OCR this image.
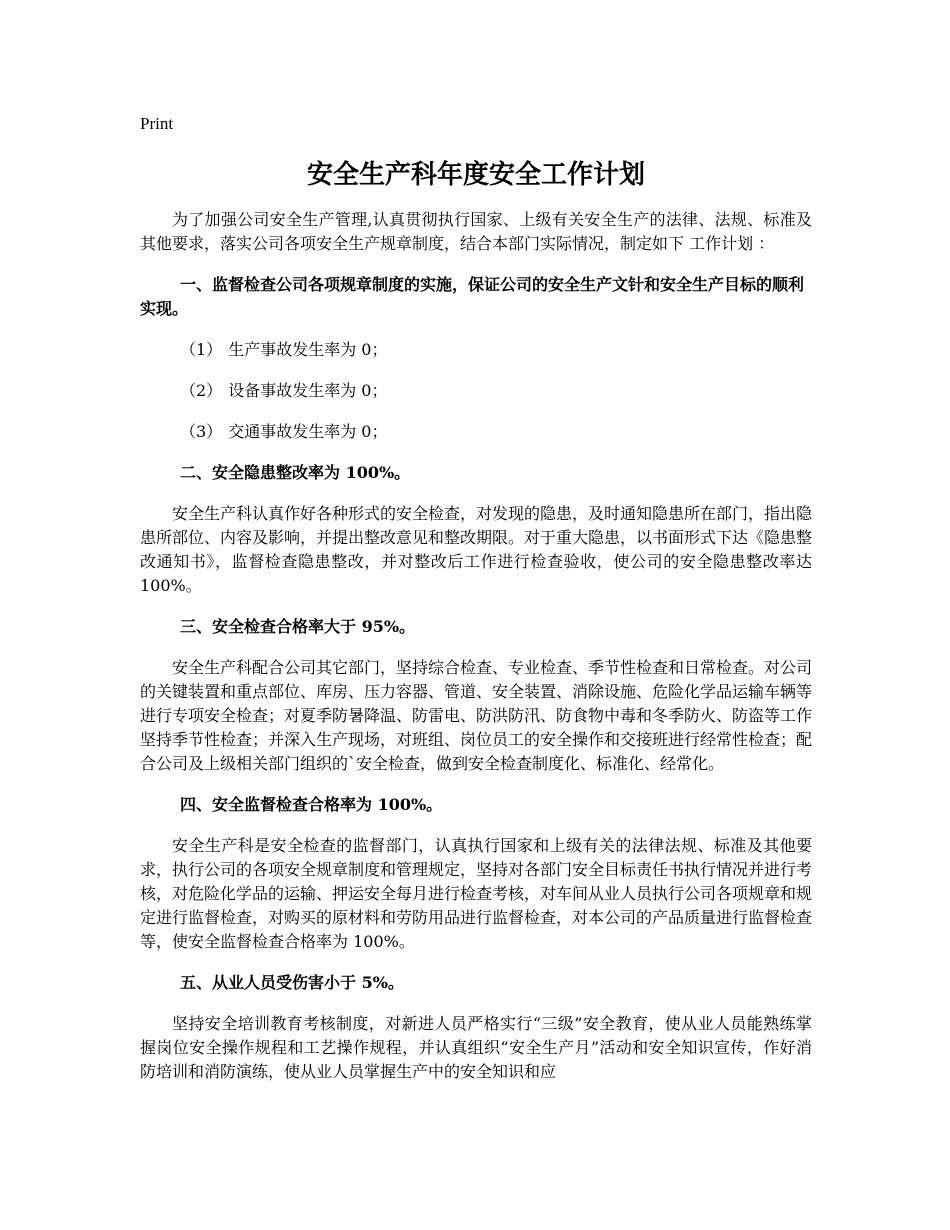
Print
安全生产科年度安全工作计划

为了加强公司安全生产管理,认真贯彻执行国家、上级有关安全生产的法律、法规、标准及其他要求，落实公司各项安全生产规章制度，结合本部门实际情况，制定如下 工作计划 ：

一、监督检查公司各项规章制度的实施，保证公司的安全生产文针和安全生产目标的顺利实现。

（1） 生产事故发生率为 0；
（2） 设备事故发生率为 0；
（3） 交通事故发生率为 0；

二、安全隐患整改率为 100%。

安全生产科认真作好各种形式的安全检查，对发现的隐患，及时通知隐患所在部门，指出隐患所部位、内容及影响，并提出整改意见和整改期限。对于重大隐患，以书面形式下达《隐患整改通知书》，监督检查隐患整改，并对整改后工作进行检查验收，使公司的安全隐患整改率达 100%。

三、安全检查合格率大于 95%。

安全生产科配合公司其它部门，坚持综合检查、专业检查、季节性检查和日常检查。对公司的关键装置和重点部位、库房、压力容器、管道、安全装置、消除设施、危险化学品运输车辆等进行专项安全检查；对夏季防暑降温、防雷电、防洪防汛、防食物中毒和冬季防火、防盗等工作坚持季节性检查；并深入生产现场，对班组、岗位员工的安全操作和交接班进行经常性检查；配合公司及上级相关部门组织的`安全检查，做到安全检查制度化、标准化、经常化。

四、安全监督检查合格率为 100%。

安全生产科是安全检查的监督部门，认真执行国家和上级有关的法律法规、标准及其他要求，执行公司的各项安全规章制度和管理规定，坚持对各部门安全目标责任书执行情况并进行考核，对危险化学品的运输、押运安全每月进行检查考核，对车间从业人员执行公司各项规章和规定进行监督检查，对购买的原材料和劳防用品进行监督检查，对本公司的产品质量进行监督检查等，使安全监督检查合格率为 100%。

五、从业人员受伤害小于 5%。

坚持安全培训教育考核制度，对新进人员严格实行“三级”安全教育，使从业人员能熟练掌握岗位安全操作规程和工艺操作规程，并认真组织“安全生产月”活动和安全知识宣传，作好消防培训和消防演练，使从业人员掌握生产中的安全知识和应
